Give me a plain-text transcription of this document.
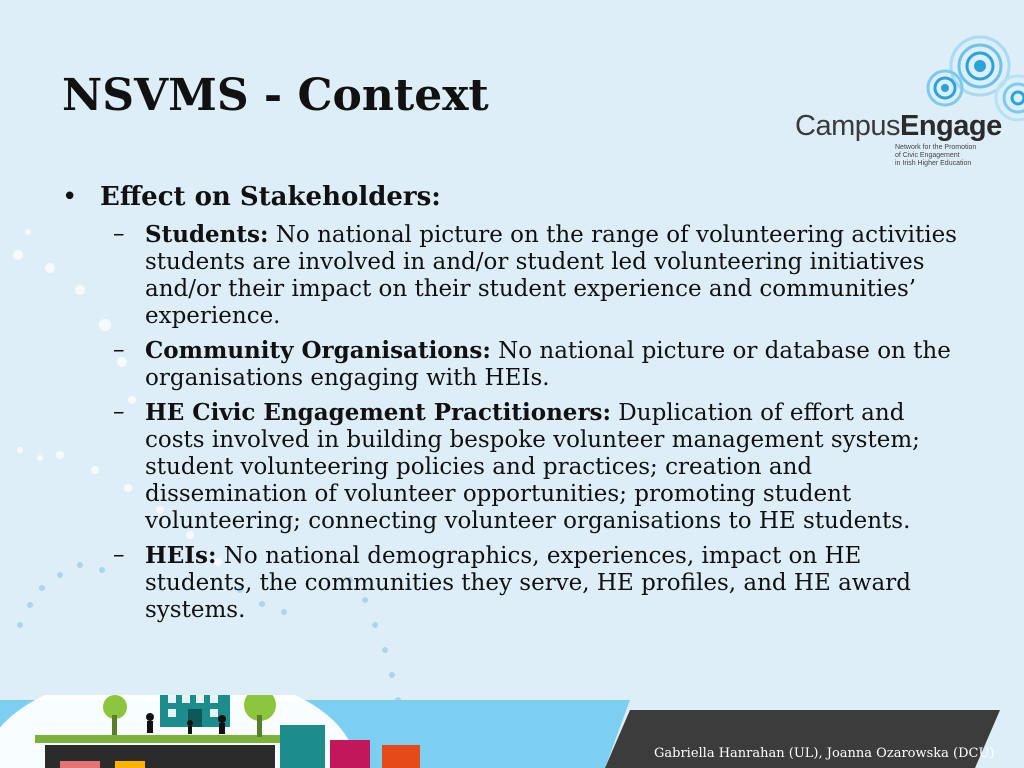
CampusEngage
Network for the Promotion
of Civic Engagement
in Irish Higher Education
NSVMS - Context
• Effect on Stakeholders:
– Students: No national picture on the range of volunteering activities students are involved in and/or student led volunteering initiatives and/or their impact on their student experience and communities’ experience.
– Community Organisations: No national picture or database on the organisations engaging with HEIs.
– HE Civic Engagement Practitioners: Duplication of effort and costs involved in building bespoke volunteer management system; student volunteering policies and practices; creation and dissemination of volunteer opportunities; promoting student volunteering; connecting volunteer organisations to HE students.
– HEIs: No national demographics, experiences, impact on HE students, the communities they serve, HE profiles, and HE award systems.
Gabriella Hanrahan (UL), Joanna Ozarowska (DCU)
